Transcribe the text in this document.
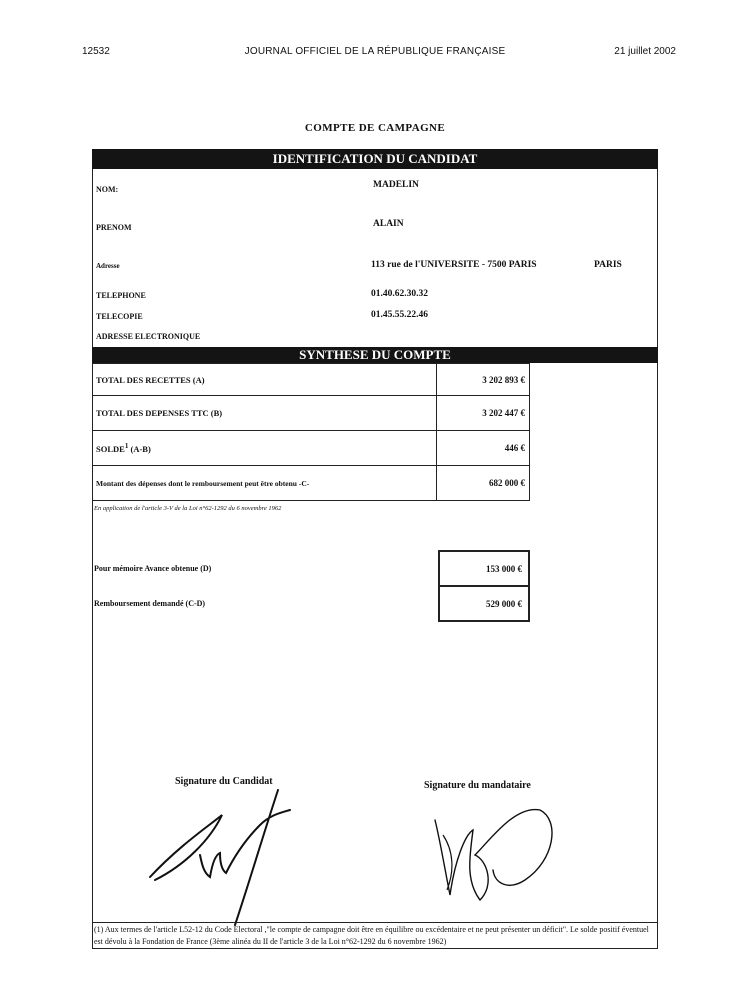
12532	JOURNAL OFFICIEL DE LA RÉPUBLIQUE FRANÇAISE	21 juillet 2002
COMPTE DE CAMPAGNE
IDENTIFICATION DU CANDIDAT
NOM:	MADELIN
PRENOM	ALAIN
Adresse	113 rue de l'UNIVERSITE - 7500 PARIS	PARIS
TELEPHONE	01.40.62.30.32
TELECOPIE	01.45.55.22.46
ADRESSE ELECTRONIQUE
SYNTHESE DU COMPTE
TOTAL DES RECETTES (A)	3 202 893 €
TOTAL DES DEPENSES TTC (B)	3 202 447 €
SOLDE$^1$ (A-B)	446 €
Montant des dépenses dont le remboursement peut être obtenu -C-	682 000 €
En application de l'article 3-V de la Loi n°62-1292 du 6 novembre 1962
Pour mémoire Avance obtenue (D)	153 000 €
Remboursement demandé (C-D)	529 000 €
Signature du Candidat	Signature du mandataire
(1) Aux termes de l'article L52-12 du Code Electoral ,"le compte de campagne doit être en équilibre ou excédentaire et ne peut présenter un déficit". Le solde positif éventuel est dévolu à la Fondation de France (3ème alinéa du II de l'article 3 de la Loi n°62-1292 du 6 novembre 1962)
